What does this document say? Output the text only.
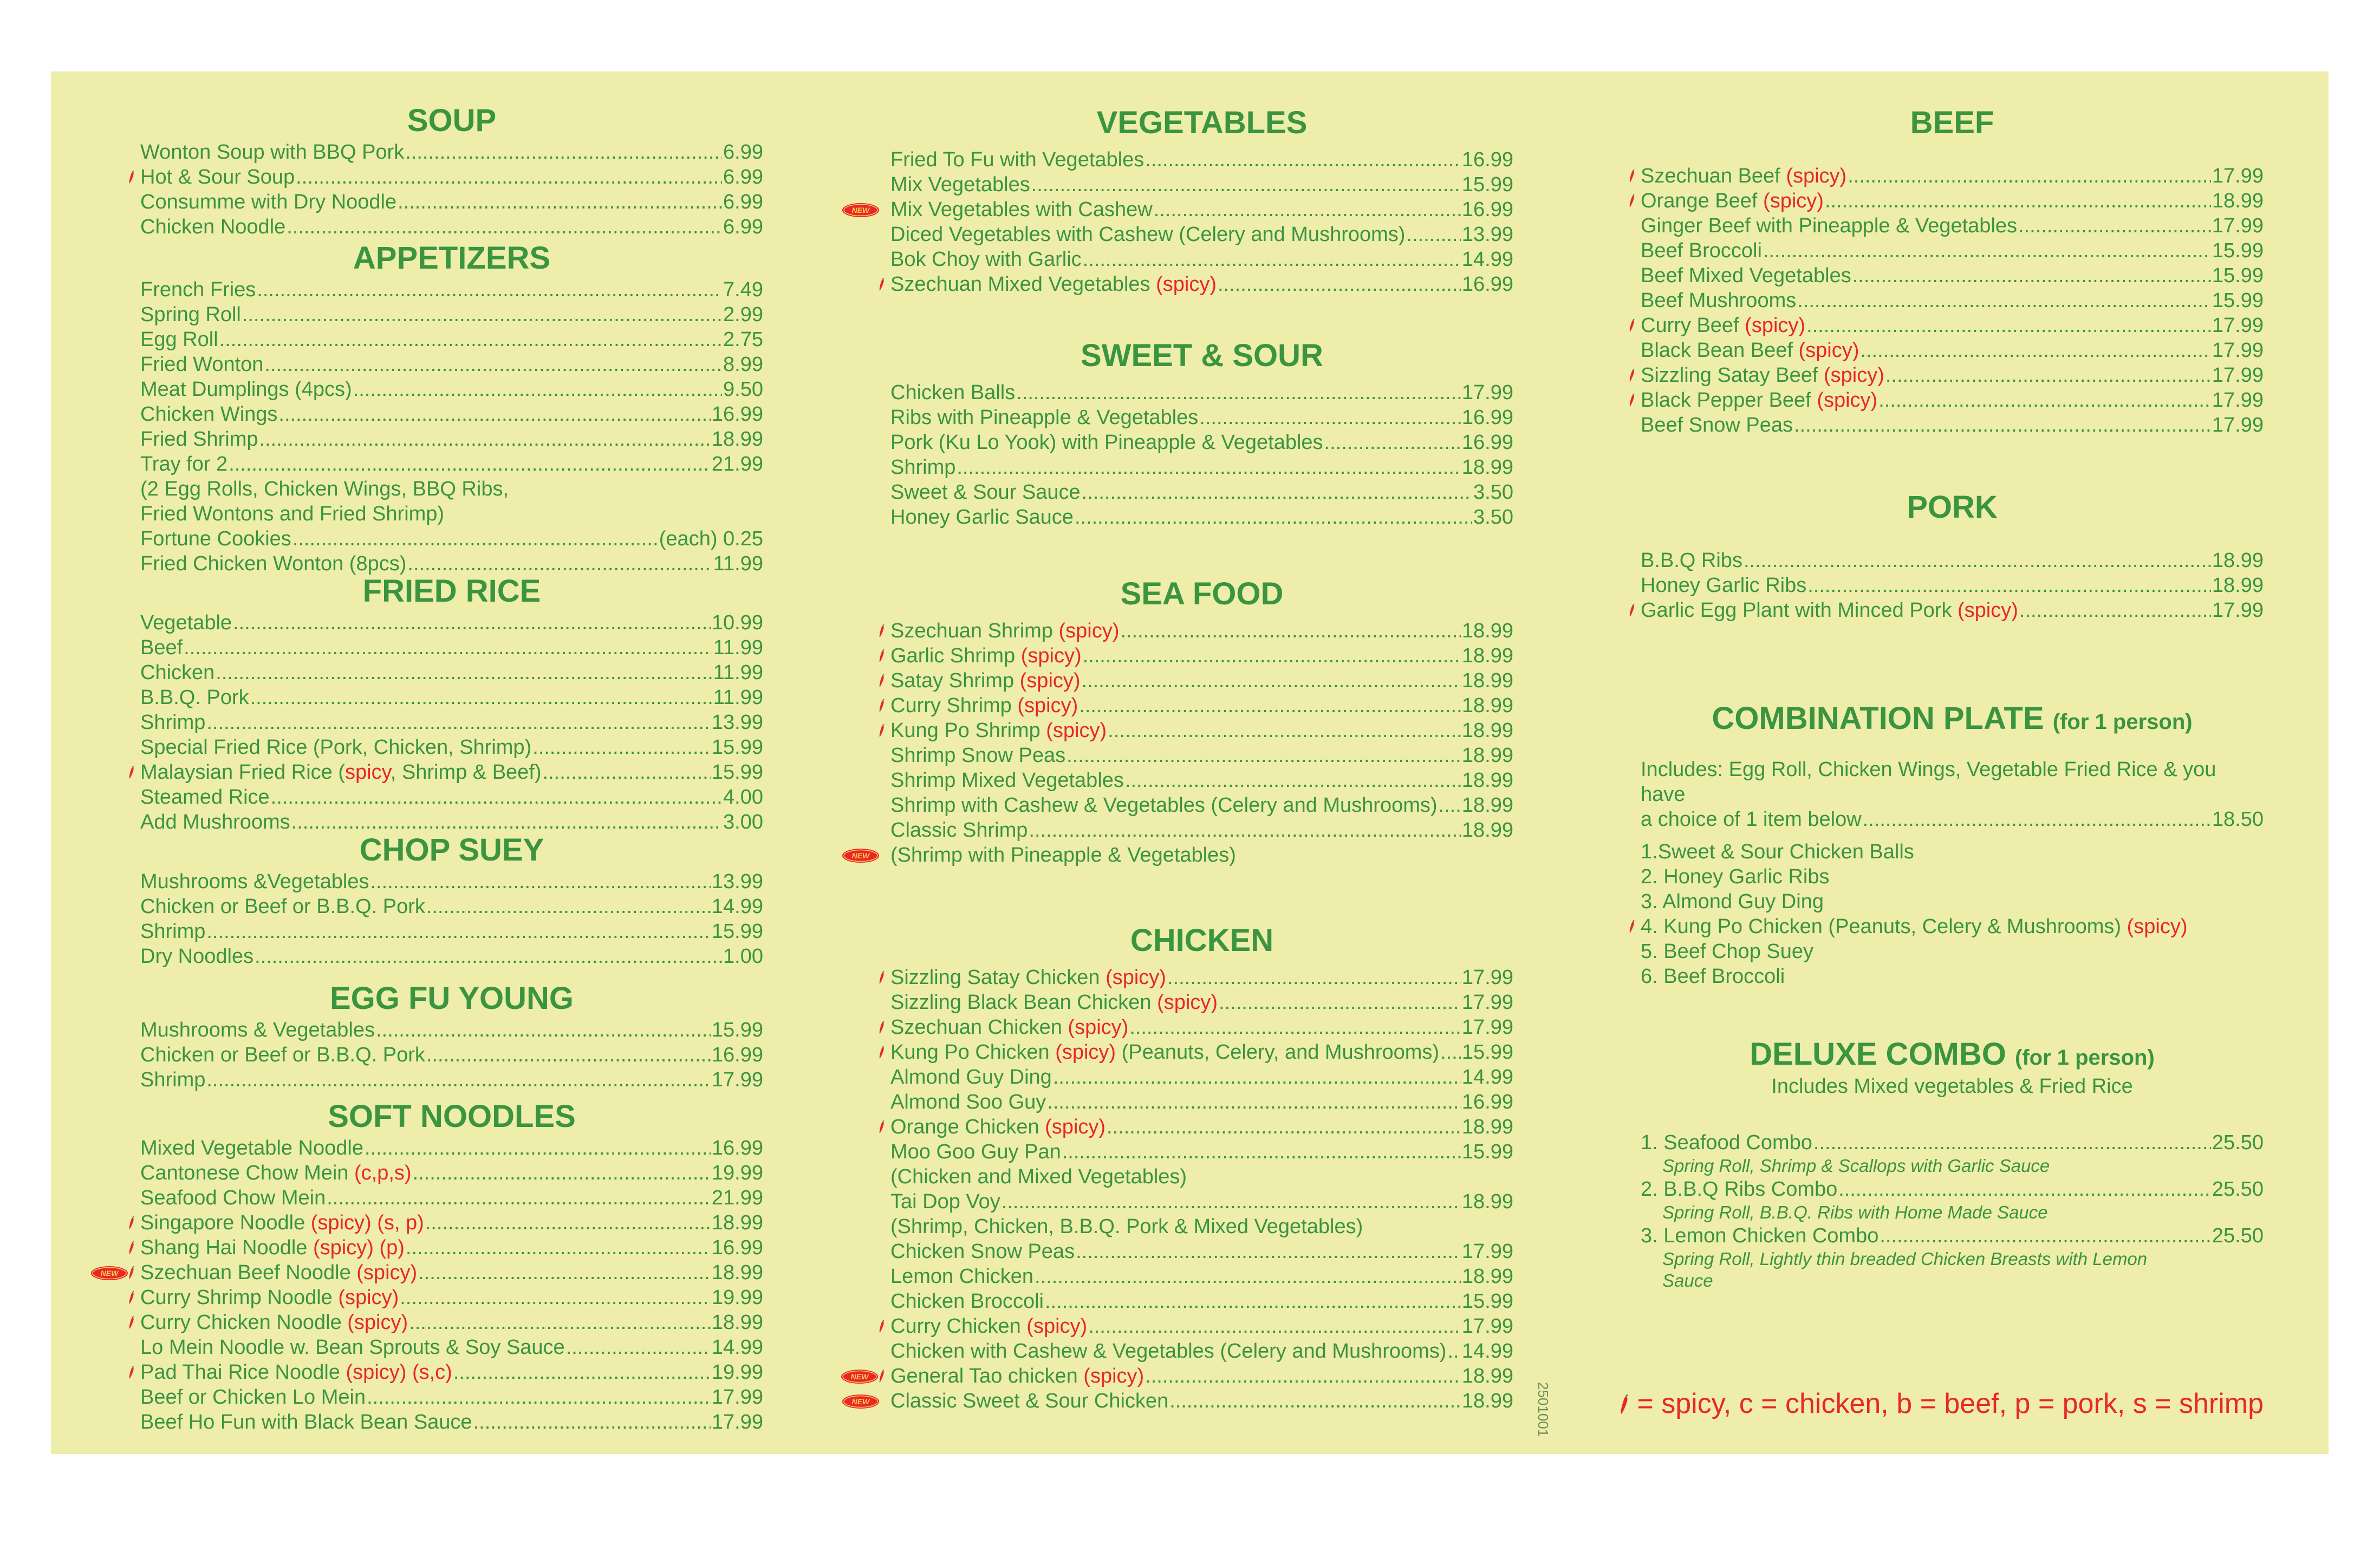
SOUP
Wonton Soup with BBQ Pork .....	6.99
Hot & Sour Soup .....	6.99
Consumme with Dry Noodle .....	6.99
Chicken Noodle .....	6.99
APPETIZERS
French Fries .....	7.49
Spring Roll .....	2.99
Egg Roll .....	2.75
Fried Wonton .....	8.99
Meat Dumplings (4pcs) .....	9.50
Chicken Wings .....	16.99
Fried Shrimp .....	18.99
Tray for 2 .....	21.99
(2 Egg Rolls, Chicken Wings, BBQ Ribs,
Fried Wontons and Fried Shrimp)
Fortune Cookies .....	(each) 0.25
Fried Chicken Wonton (8pcs) .....	11.99
FRIED RICE
Vegetable .....	10.99
Beef .....	11.99
Chicken .....	11.99
B.B.Q. Pork .....	11.99
Shrimp .....	13.99
Special Fried Rice (Pork, Chicken, Shrimp) .....	15.99
Malaysian Fried Rice (spicy, Shrimp & Beef) .....	15.99
Steamed Rice .....	4.00
Add Mushrooms .....	3.00
CHOP SUEY
Mushrooms &Vegetables .....	13.99
Chicken or Beef or B.B.Q. Pork .....	14.99
Shrimp .....	15.99
Dry Noodles .....	1.00
EGG FU YOUNG
Mushrooms & Vegetables .....	15.99
Chicken or Beef or B.B.Q. Pork .....	16.99
Shrimp .....	17.99
SOFT NOODLES
Mixed Vegetable Noodle .....	16.99
Cantonese Chow Mein (c,p,s) .....	19.99
Seafood Chow Mein .....	21.99
Singapore Noodle (spicy) (s, p) .....	18.99
Shang Hai Noodle (spicy) (p) .....	16.99
NEW Szechuan Beef Noodle (spicy) .....	18.99
Curry Shrimp Noodle (spicy) .....	19.99
Curry Chicken Noodle (spicy) .....	18.99
Lo Mein Noodle w. Bean Sprouts & Soy Sauce .....	14.99
Pad Thai Rice Noodle (spicy) (s,c) .....	19.99
Beef or Chicken Lo Mein .....	17.99
Beef Ho Fun with Black Bean Sauce .....	17.99
VEGETABLES
Fried To Fu with Vegetables .....	16.99
Mix Vegetables .....	15.99
NEW Mix Vegetables with Cashew .....	16.99
Diced Vegetables with Cashew (Celery and Mushrooms) .....	13.99
Bok Choy with Garlic .....	14.99
Szechuan Mixed Vegetables (spicy) .....	16.99
SWEET & SOUR
Chicken Balls .....	17.99
Ribs with Pineapple & Vegetables .....	16.99
Pork (Ku Lo Yook) with Pineapple & Vegetables .....	16.99
Shrimp .....	18.99
Sweet & Sour Sauce .....	3.50
Honey Garlic Sauce .....	3.50
SEA FOOD
Szechuan Shrimp (spicy) .....	18.99
Garlic Shrimp (spicy) .....	18.99
Satay Shrimp (spicy) .....	18.99
Curry Shrimp (spicy) .....	18.99
Kung Po Shrimp (spicy) .....	18.99
Shrimp Snow Peas .....	18.99
Shrimp Mixed Vegetables .....	18.99
Shrimp with Cashew & Vegetables (Celery and Mushrooms) ..... 18.99
Classic Shrimp .....	18.99
NEW (Shrimp with Pineapple & Vegetables)
CHICKEN
Sizzling Satay Chicken (spicy) .....	17.99
Sizzling Black Bean Chicken (spicy) .....	17.99
Szechuan Chicken (spicy) .....	17.99
Kung Po Chicken (spicy) (Peanuts, Celery, and Mushrooms) ..... 15.99
Almond Guy Ding .....	14.99
Almond Soo Guy .....	16.99
Orange Chicken (spicy) .....	18.99
Moo Goo Guy Pan .....	15.99
(Chicken and Mixed Vegetables)
Tai Dop Voy .....	18.99
(Shrimp, Chicken, B.B.Q. Pork & Mixed Vegetables)
Chicken Snow Peas .....	17.99
Lemon Chicken .....	18.99
Chicken Broccoli .....	15.99
Curry Chicken (spicy) .....	17.99
Chicken with Cashew & Vegetables (Celery and Mushrooms) ..... 14.99
NEW General Tao chicken (spicy) .....	18.99
NEW Classic Sweet & Sour Chicken .....	18.99
BEEF
Szechuan Beef (spicy) .....	17.99
Orange Beef (spicy) .....	18.99
Ginger Beef with Pineapple & Vegetables .....	17.99
Beef Broccoli .....	15.99
Beef Mixed Vegetables .....	15.99
Beef Mushrooms .....	15.99
Curry Beef (spicy) .....	17.99
Black Bean Beef (spicy) .....	17.99
Sizzling Satay Beef (spicy) .....	17.99
Black Pepper Beef (spicy) .....	17.99
Beef Snow Peas .....	17.99
PORK
B.B.Q Ribs .....	18.99
Honey Garlic Ribs .....	18.99
Garlic Egg Plant with Minced Pork (spicy) .....	17.99
COMBINATION PLATE (for 1 person)
Includes: Egg Roll, Chicken Wings, Vegetable Fried Rice & you have
a choice of 1 item below .....	18.50
1.Sweet & Sour Chicken Balls
2. Honey Garlic Ribs
3. Almond Guy Ding
4. Kung Po Chicken (Peanuts, Celery & Mushrooms) (spicy)
5. Beef Chop Suey
6. Beef Broccoli
DELUXE COMBO (for 1 person)
Includes Mixed vegetables & Fried Rice
1. Seafood Combo .....	25.50
Spring Roll, Shrimp & Scallops with Garlic Sauce
2. B.B.Q Ribs Combo .....	25.50
Spring Roll, B.B.Q. Ribs with Home Made Sauce
3. Lemon Chicken Combo .....	25.50
Spring Roll, Lightly thin breaded Chicken Breasts with Lemon
Sauce
2501001	= spicy, c = chicken, b = beef, p = pork, s = shrimp
